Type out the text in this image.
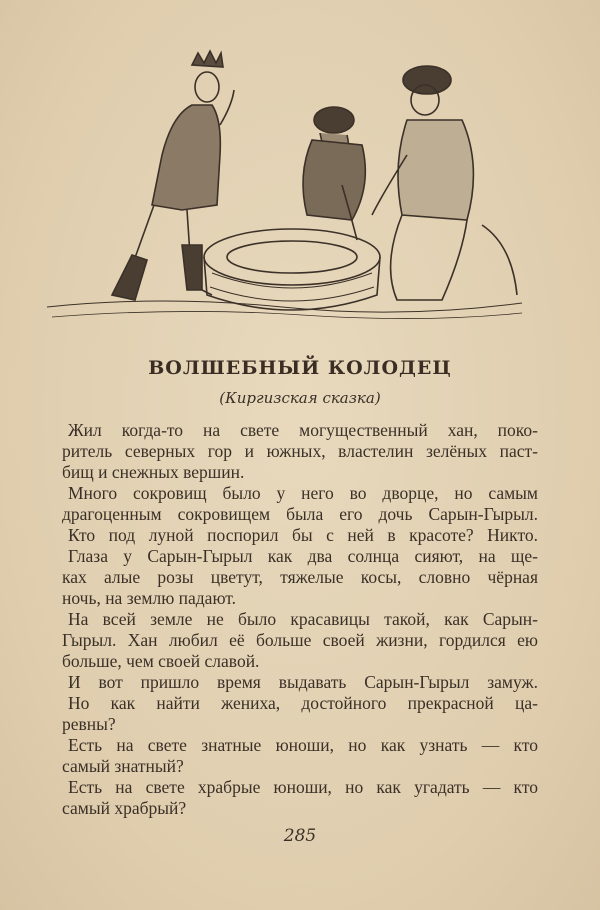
ВОЛШЕБНЫЙ КОЛОДЕЦ
(Киргизская сказка)
Жил когда-то на свете могущественный хан, поко-
ритель северных гор и южных, властелин зелёных паст-
бищ и снежных вершин.
Много сокровищ было у него во дворце, но самым
драгоценным сокровищем была его дочь Сарын-Гырыл.
Кто под луной поспорил бы с ней в красоте? Никто.
Глаза у Сарын-Гырыл как два солнца сияют, на ще-
ках алые розы цветут, тяжелые косы, словно чёрная
ночь, на землю падают.
На всей земле не было красавицы такой, как Сарын-
Гырыл. Хан любил её больше своей жизни, гордился ею
больше, чем своей славой.
И вот пришло время выдавать Сарын-Гырыл замуж.
Но как найти жениха, достойного прекрасной ца-
ревны?
Есть на свете знатные юноши, но как узнать — кто
самый знатный?
Есть на свете храбрые юноши, но как угадать — кто
самый храбрый?
285
